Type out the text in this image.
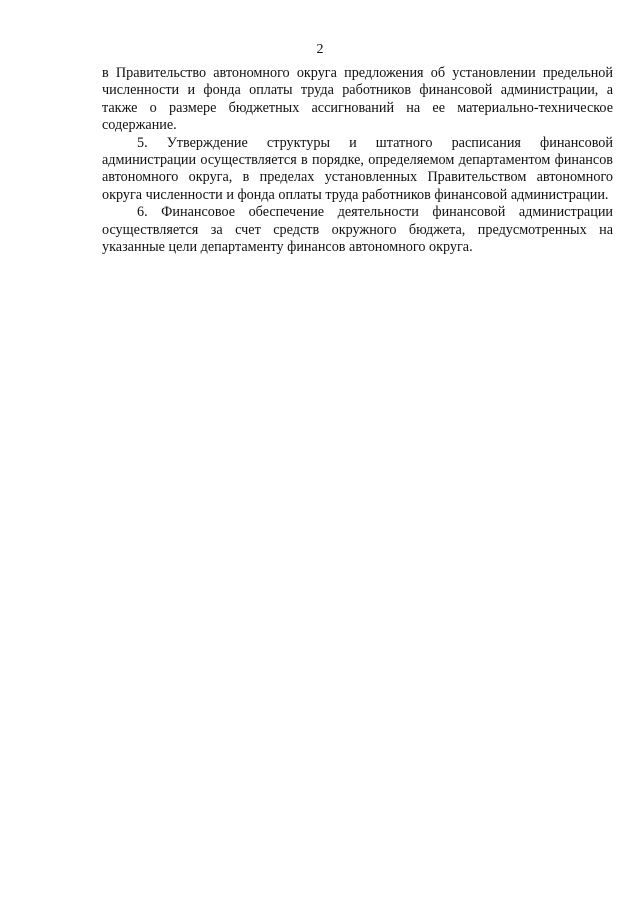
2

в Правительство автономного округа предложения об установлении предельной численности и фонда оплаты труда работников финансовой администрации, а также о размере бюджетных ассигнований на ее материально-техническое содержание.

5. Утверждение структуры и штатного расписания финансовой администрации осуществляется в порядке, определяемом департаментом финансов автономного округа, в пределах установленных Правительством автономного округа численности и фонда оплаты труда работников финансовой администрации.

6. Финансовое обеспечение деятельности финансовой администрации осуществляется за счет средств окружного бюджета, предусмотренных на указанные цели департаменту финансов автономного округа.
